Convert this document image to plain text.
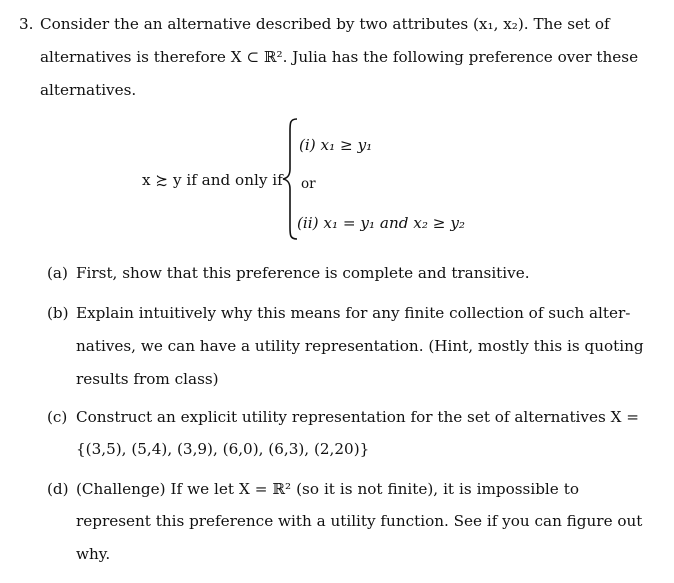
3. Consider the an alternative described by two attributes (x₁, x₂). The set of
alternatives is therefore X ⊂ ℝ². Julia has the following preference over these
alternatives.
x ≿ y if and only if
(i) x₁ ≥ y₁
or
(ii) x₁ = y₁ and x₂ ≥ y₂
(a) First, show that this preference is complete and transitive.
(b) Explain intuitively why this means for any finite collection of such alter-
natives, we can have a utility representation. (Hint, mostly this is quoting
results from class)
(c) Construct an explicit utility representation for the set of alternatives X =
{(3,5), (5,4), (3,9), (6,0), (6,3), (2,20)}
(d) (Challenge) If we let X = ℝ² (so it is not finite), it is impossible to
represent this preference with a utility function. See if you can figure out
why.
